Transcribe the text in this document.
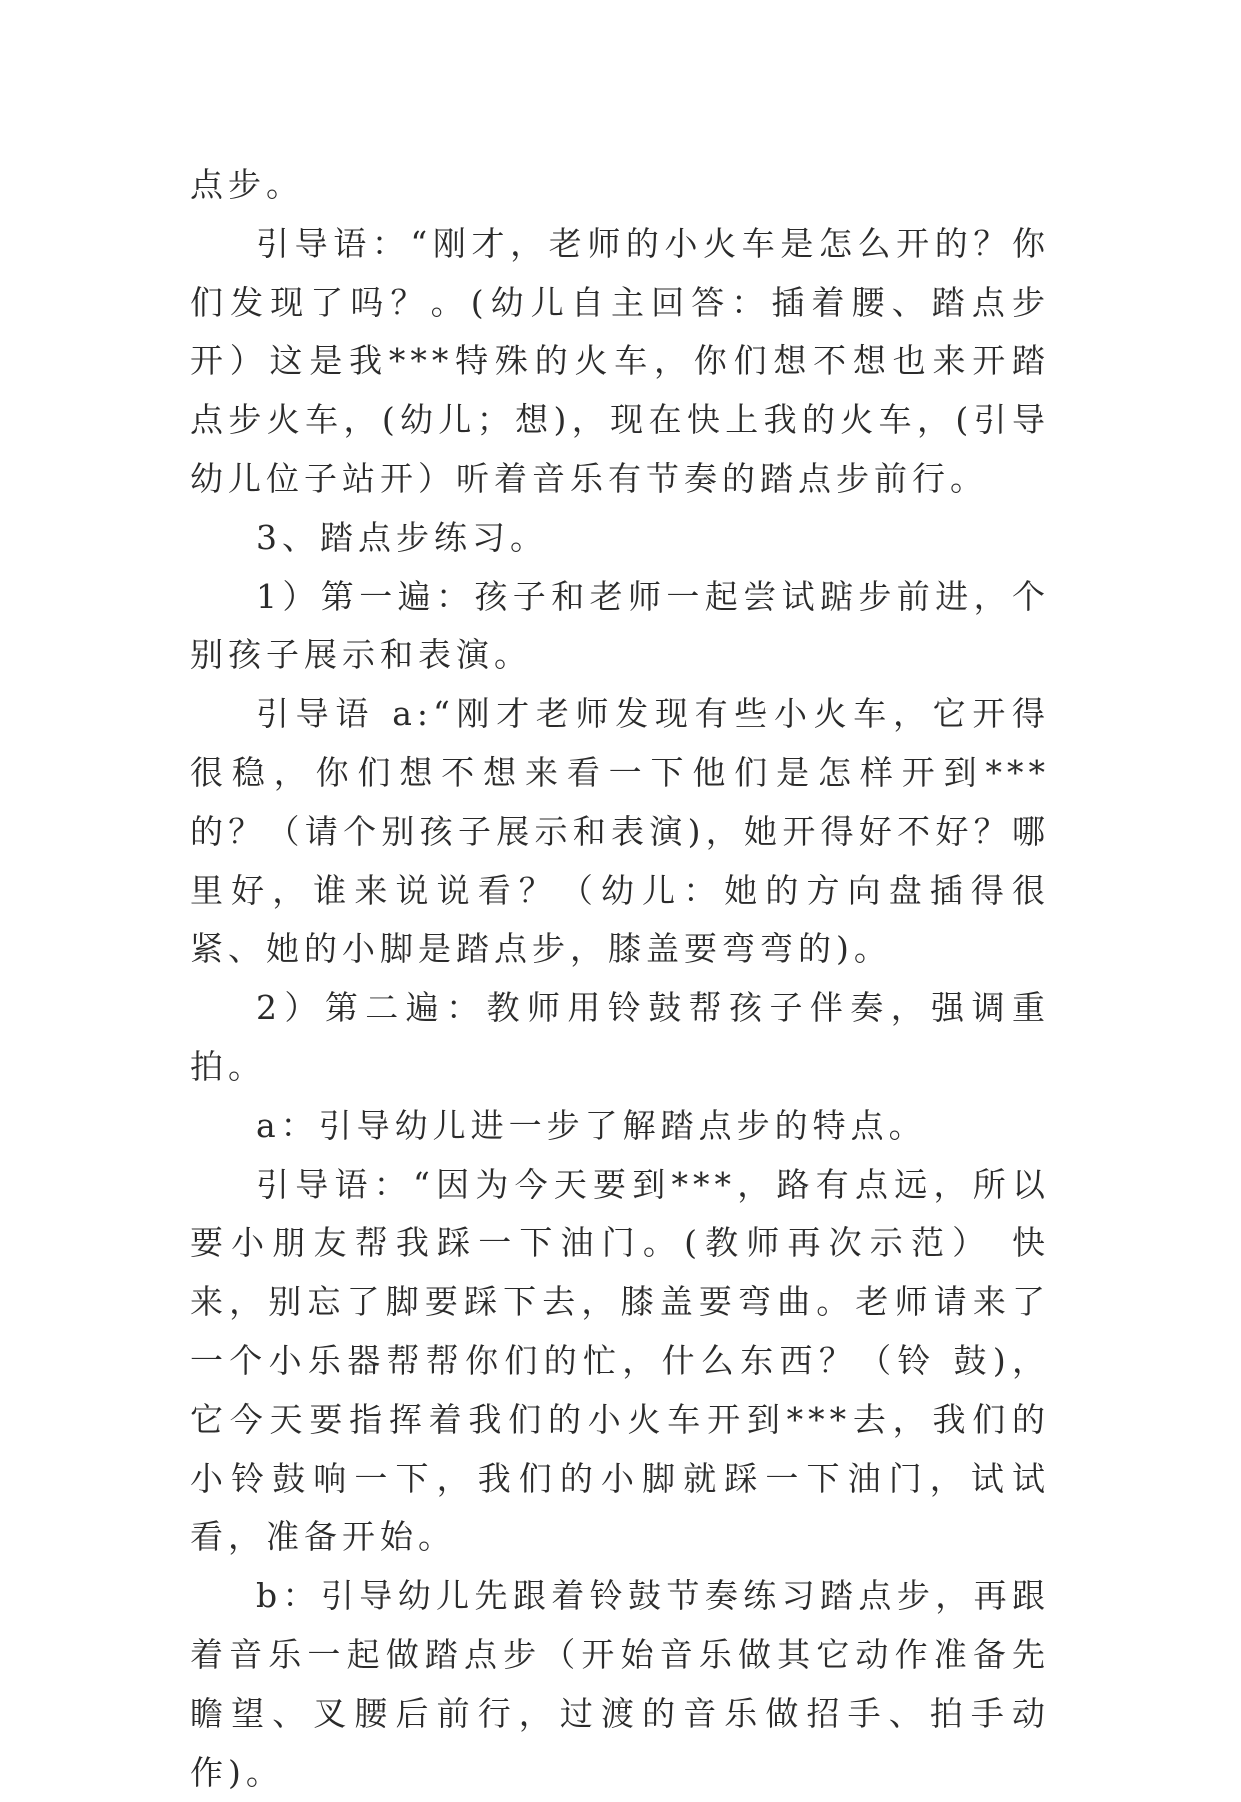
点步。

引导语：“刚才，老师的小火车是怎么开的？你们发现了吗？。(幼儿自主回答：插着腰、踏点步开）这是我***特殊的火车，你们想不想也来开踏点步火车，(幼儿；想)，现在快上我的火车，(引导幼儿位子站开）听着音乐有节奏的踏点步前行。

3、踏点步练习。

1）第一遍：孩子和老师一起尝试踮步前进，个别孩子展示和表演。

引导语 a:“刚才老师发现有些小火车，它开得很稳，你们想不想来看一下他们是怎样开到***的？（请个别孩子展示和表演)，她开得好不好？哪里好，谁来说说看？（幼儿：她的方向盘插得很紧、她的小脚是踏点步，膝盖要弯弯的)。

2）第二遍：教师用铃鼓帮孩子伴奏，强调重拍。

a：引导幼儿进一步了解踏点步的特点。

引导语：“因为今天要到***，路有点远，所以要小朋友帮我踩一下油门。(教师再次示范） 快来，别忘了脚要踩下去，膝盖要弯曲。老师请来了一个小乐器帮帮你们的忙，什么东西？（铃 鼓)，它今天要指挥着我们的小火车开到***去，我们的小铃鼓响一下，我们的小脚就踩一下油门，试试看，准备开始。

b：引导幼儿先跟着铃鼓节奏练习踏点步，再跟着音乐一起做踏点步（开始音乐做其它动作准备先瞻望、叉腰后前行，过渡的音乐做招手、拍手动作)。
